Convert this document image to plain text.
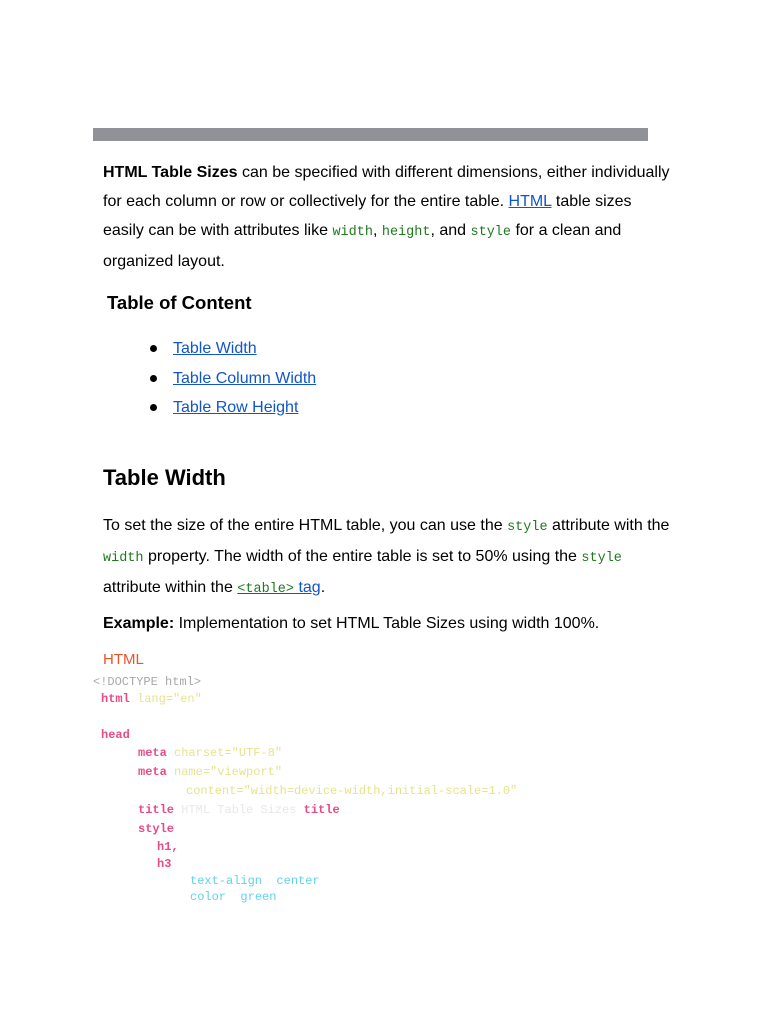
HTML Table Sizes can be specified with different dimensions, either individually for each column or row or collectively for the entire table. HTML table sizes easily can be with attributes like width, height, and style for a clean and organized layout.

Table of Content
Table Width
Table Column Width
Table Row Height
Table Width

To set the size of the entire HTML table, you can use the style attribute with the width property. The width of the entire table is set to 50% using the style attribute within the <table> tag.

Example: Implementation to set HTML Table Sizes using width 100%.

HTML
<!DOCTYPE html>
html lang="en"
head
meta charset="UTF-8"
meta name="viewport"
content="width=device-width,initial-scale=1.0"
title HTML Table Sizes title
style
h1,
h3
text-align center
color green
